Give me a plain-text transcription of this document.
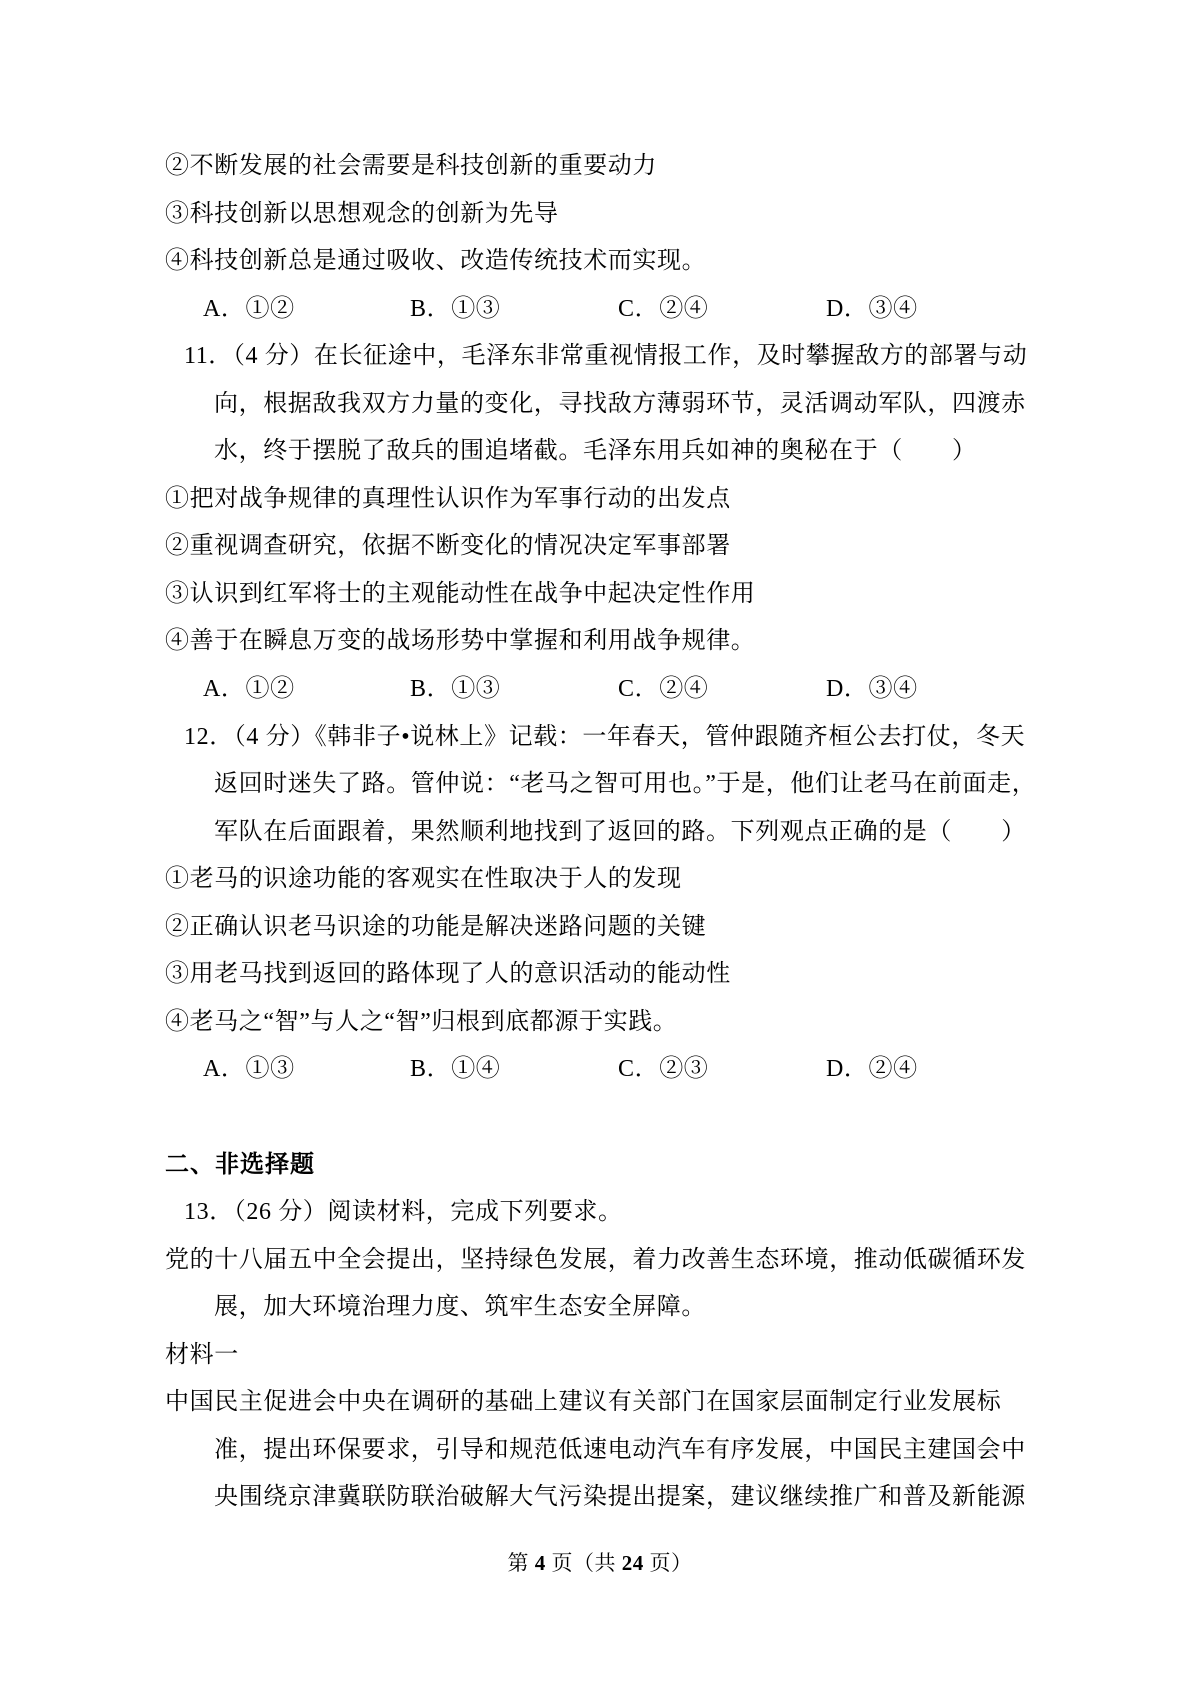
②不断发展的社会需要是科技创新的重要动力
③科技创新以思想观念的创新为先导
④科技创新总是通过吸收、改造传统技术而实现。
A．①②	B．①③	C．②④	D．③④
11．（4 分）在长征途中，毛泽东非常重视情报工作，及时攀握敌方的部署与动
向，根据敌我双方力量的变化，寻找敌方薄弱环节，灵活调动军队，四渡赤
水，终于摆脱了敌兵的围追堵截。毛泽东用兵如神的奥秘在于（　　）
①把对战争规律的真理性认识作为军事行动的出发点
②重视调查研究，依据不断变化的情况决定军事部署
③认识到红军将士的主观能动性在战争中起决定性作用
④善于在瞬息万变的战场形势中掌握和利用战争规律。
A．①②	B．①③	C．②④	D．③④
12．（4 分）《韩非子•说林上》记载：一年春天，管仲跟随齐桓公去打仗，冬天
返回时迷失了路。管仲说：“老马之智可用也。”于是，他们让老马在前面走，
军队在后面跟着，果然顺利地找到了返回的路。下列观点正确的是（　　）
①老马的识途功能的客观实在性取决于人的发现
②正确认识老马识途的功能是解决迷路问题的关键
③用老马找到返回的路体现了人的意识活动的能动性
④老马之“智”与人之“智”归根到底都源于实践。
A．①③	B．①④	C．②③	D．②④
二、非选择题
13．（26 分）阅读材料，完成下列要求。
党的十八届五中全会提出，坚持绿色发展，着力改善生态环境，推动低碳循环发
展，加大环境治理力度、筑牢生态安全屏障。
材料一
中国民主促进会中央在调研的基础上建议有关部门在国家层面制定行业发展标
准，提出环保要求，引导和规范低速电动汽车有序发展，中国民主建国会中
央围绕京津冀联防联治破解大气污染提出提案，建议继续推广和普及新能源
第 4 页（共 24 页）
